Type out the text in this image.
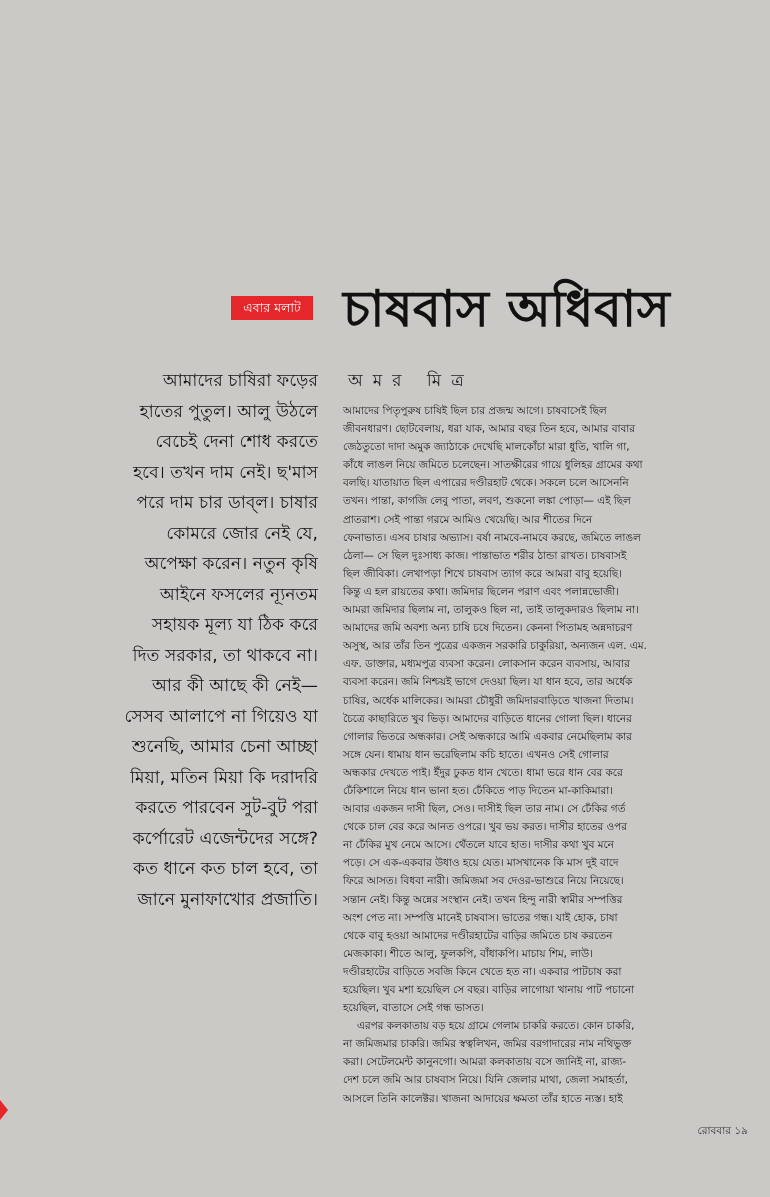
এবার মলাট চাষবাস অধিবাস
অমর মিত্র
আমাদের চাষিরা ফড়ের
হাতের পুতুল। আলু উঠলে
বেচেই দেনা শোধ করতে
হবে। তখন দাম নেই। ছ'মাস
পরে দাম চার ডাব্‌ল। চাষার
কোমরে জোর নেই যে,
অপেক্ষা করেন। নতুন কৃষি
আইনে ফসলের ন্যূনতম
সহায়ক মূল্য যা ঠিক করে
দিত সরকার, তা থাকবে না।
আর কী আছে কী নেই—
সেসব আলাপে না গিয়েও যা
শুনেছি, আমার চেনা আচ্ছা
মিয়া, মতিন মিয়া কি দরাদরি
করতে পারবেন সুট-বুট পরা
কর্পোরেট এজেন্টদের সঙ্গে?
কত ধানে কত চাল হবে, তা
জানে মুনাফাখোর প্রজাতি।
আমাদের পিতৃপুরুষ চাষিই ছিল চার প্রজন্ম আগে। চাষবাসেই ছিল
জীবনধারণ। ছোটবেলায়, ধরা যাক, আমার বছর তিন হবে, আমার বাবার
জেঠতুতো দাদা অমুক জ্যাঠাকে দেখেছি মালকোঁচা মারা ধুতি, খালি গা,
কাঁধে লাঙল নিয়ে জমিতে চলেছেন। সাতক্ষীরের গায়ে ধুলিহর গ্রামের কথা
বলছি। যাতায়াত ছিল এপারের দণ্ডীরহাট থেকে। সকলে চলে আসেননি
তখন। পান্তা, কাগজি লেবু পাতা, লবণ, শুকনো লঙ্কা পোড়া— এই ছিল
প্রাতরাশ। সেই পান্তা গরমে আমিও খেয়েছি। আর শীতের দিনে
ফেনাভাত। এসব চাষার অভ্যাস। বর্ষা নামবে-নামবে করছে, জমিতে লাঙল
ঠেলা— সে ছিল দুঃসাধ্য কাজ। পান্তাভাত শরীর ঠান্ডা রাখত। চাষবাসই
ছিল জীবিকা। লেখাপড়া শিখে চাষবাস ত্যাগ করে আমরা বাবু হয়েছি।
কিন্তু এ হল রায়তের কথা। জমিদার ছিলেন পরাণ এবং পলান্নভোজী।
আমরা জমিদার ছিলাম না, তালুকও ছিল না, তাই তালুকদারও ছিলাম না।
আমাদের জমি অবশ্য অন্য চাষি চষে দিতেন। কেননা পিতামহ অন্নদাচরণ
অসুস্থ, আর তাঁর তিন পুত্রের একজন সরকারি চাকুরিয়া, অন্যজন এল. এম.
এফ. ডাক্তার, মধ্যমপুত্র ব্যবসা করেন। লোকসান করেন ব্যবসায়, আবার
ব্যবসা করেন। জমি নিশ্চয়ই ভাগে দেওয়া ছিল। যা ধান হবে, তার অর্ধেক
চাষির, অর্ধেক মালিকের। আমরা চৌধুরী জমিদারবাড়িতে খাজনা দিতাম।
চৈত্রে কাছারিতে খুব ভিড়। আমাদের বাড়িতে ধানের গোলা ছিল। ধানের
গোলার ভিতরে অন্ধকার। সেই অন্ধকারে আমি একবার নেমেছিলাম কার
সঙ্গে যেন। ধামায় ধান ভরেছিলাম কচি হাতে। এখনও সেই গোলার
অন্ধকার দেখতে পাই। ইঁদুর ঢুকত ধান খেতে। ধামা ভরে ধান বের করে
ঢেঁকিশালে নিয়ে ধান ভানা হত। ঢেঁকিতে পাড় দিতেন মা-কাকিমারা।
আবার একজন দাসী ছিল, সেও। দাসীই ছিল তার নাম। সে ঢেঁকির গর্ত
থেকে চাল বের করে আনত ওপরে। খুব ভয় করত। দাসীর হাতের ওপর
না ঢেঁকির মুখ নেমে আসে। থেঁতলে যাবে হাত। দাসীর কথা খুব মনে
পড়ে। সে এক-একবার উধাও হয়ে যেত। মাসখানেক কি মাস দুই বাদে
ফিরে আসত। বিধবা নারী। জমিজমা সব দেওর-ভাশুরে নিয়ে নিয়েছে।
সন্তান নেই। কিন্তু অন্নের সংস্থান নেই। তখন হিন্দু নারী স্বামীর সম্পত্তির
অংশ পেত না। সম্পত্তি মানেই চাষবাস। ভাতের গন্ধ। যাই হোক, চাষা
থেকে বাবু হওয়া আমাদের দণ্ডীরহাটের বাড়ির জমিতে চাষ করতেন
মেজকাকা। শীতে আলু, ফুলকপি, বাঁধাকপি। মাচায় শিম, লাউ।
দণ্ডীরহাটের বাড়িতে সবজি কিনে খেতে হত না। একবার পাটচাষ করা
হয়েছিল। খুব মশা হয়েছিল সে বছর। বাড়ির লাগোয়া খানায় পাট পচানো
হয়েছিল, বাতাসে সেই গন্ধ ভাসত।
এরপর কলকাতায় বড় হয়ে গ্রামে গেলাম চাকরি করতে। কোন চাকরি,
না জমিজমার চাকরি। জমির স্বত্বলিখন, জমির বরগাদারের নাম নথিভুক্ত
করা। সেটেলমেন্ট কানুনগো। আমরা কলকাতায় বসে জানিই না, রাজ্য-
দেশ চলে জমি আর চাষবাস নিয়ে। যিনি জেলার মাথা, জেলা সমাহর্তা,
আসলে তিনি কালেক্টর। খাজনা আদায়ের ক্ষমতা তাঁর হাতে ন্যস্ত। হাই
রোববার ১৯
